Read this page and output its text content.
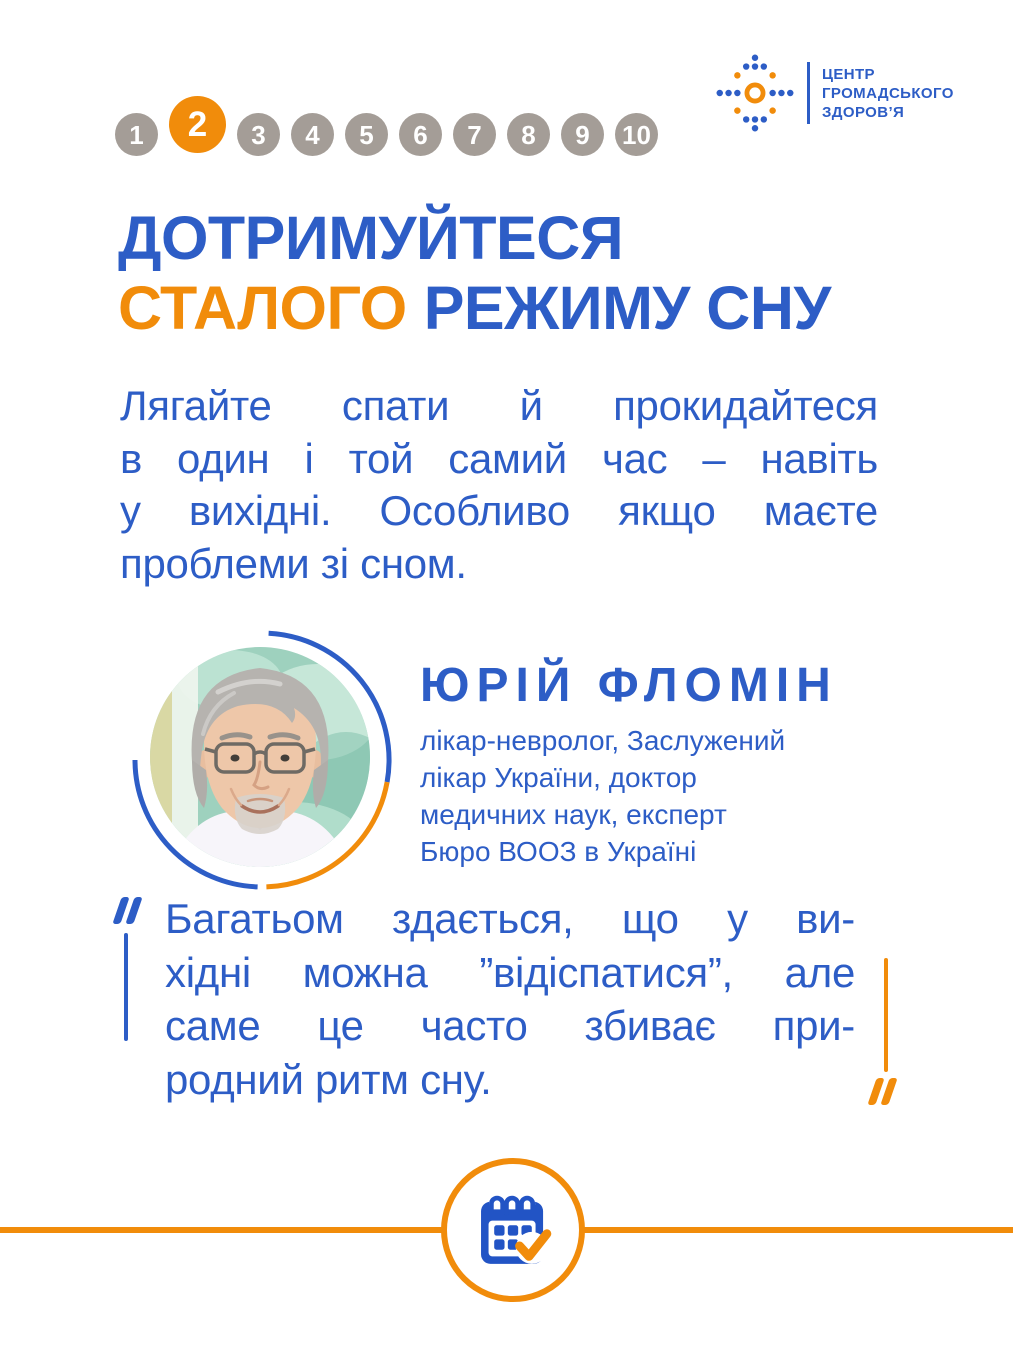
1	2	3	4	5	6	7	8	9	10
ЦЕНТР
ГРОМАДСЬКОГО
ЗДОРОВ’Я
ДОТРИМУЙТЕСЯ
СТАЛОГО РЕЖИМУ СНУ
Лягайте спати й прокидайтеся
в один і той самий час – навіть
у вихідні. Особливо якщо маєте
проблеми зі сном.
ЮРІЙ ФЛОМІН
лікар-невролог, Заслужений
лікар України, доктор
медичних наук, експерт
Бюро ВООЗ в Україні
Багатьом здається, що у ви-
хідні можна ”відіспатися”, але
саме це часто збиває при-
родний ритм сну.
